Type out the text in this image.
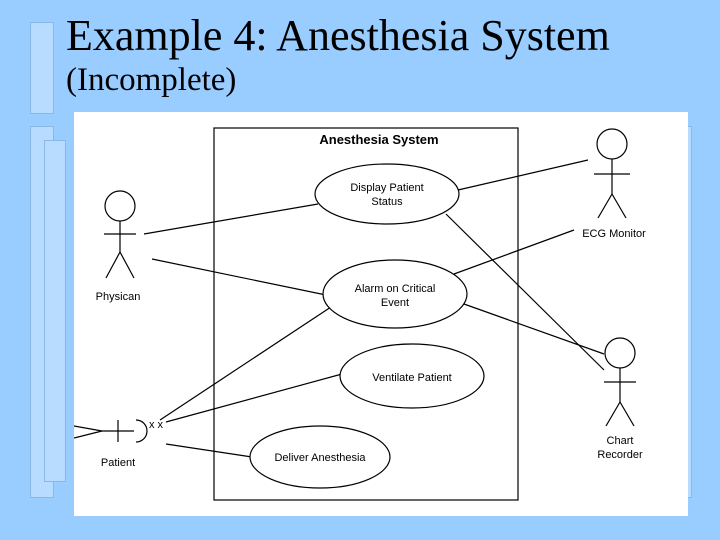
Example 4: Anesthesia System
(Incomplete)
Anesthesia System
Display Patient
Status
Alarm on Critical
Event
Ventilate Patient
Deliver Anesthesia
Physican
x x
Patient
ECG Monitor
Chart
Recorder
